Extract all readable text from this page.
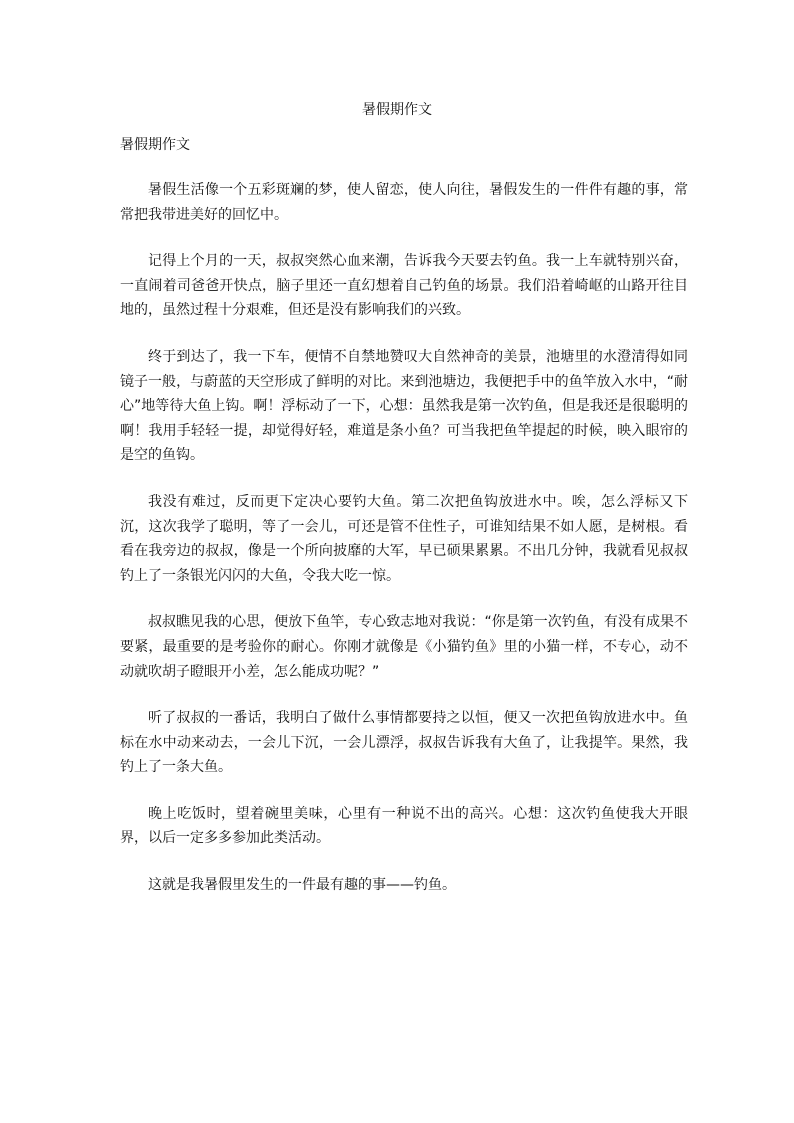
暑假期作文
暑假期作文

暑假生活像一个五彩斑斓的梦，使人留恋，使人向往，暑假发生的一件件有趣的事，常常把我带进美好的回忆中。

记得上个月的一天，叔叔突然心血来潮，告诉我今天要去钓鱼。我一上车就特别兴奋，一直闹着司爸爸开快点，脑子里还一直幻想着自己钓鱼的场景。我们沿着崎岖的山路开往目地的，虽然过程十分艰难，但还是没有影响我们的兴致。

终于到达了，我一下车，便情不自禁地赞叹大自然神奇的美景，池塘里的水澄清得如同镜子一般，与蔚蓝的天空形成了鲜明的对比。来到池塘边，我便把手中的鱼竿放入水中，“耐心”地等待大鱼上钩。啊！浮标动了一下，心想：虽然我是第一次钓鱼，但是我还是很聪明的啊！我用手轻轻一提，却觉得好轻，难道是条小鱼？可当我把鱼竿提起的时候，映入眼帘的是空的鱼钩。

我没有难过，反而更下定决心要钓大鱼。第二次把鱼钩放进水中。唉，怎么浮标又下沉，这次我学了聪明，等了一会儿，可还是管不住性子，可谁知结果不如人愿，是树根。看看在我旁边的叔叔，像是一个所向披靡的大军，早已硕果累累。不出几分钟，我就看见叔叔钓上了一条银光闪闪的大鱼，令我大吃一惊。

叔叔瞧见我的心思，便放下鱼竿，专心致志地对我说：“你是第一次钓鱼，有没有成果不要紧，最重要的是考验你的耐心。你刚才就像是《小猫钓鱼》里的小猫一样，不专心，动不动就吹胡子瞪眼开小差，怎么能成功呢？”

听了叔叔的一番话，我明白了做什么事情都要持之以恒，便又一次把鱼钩放进水中。鱼标在水中动来动去，一会儿下沉，一会儿漂浮，叔叔告诉我有大鱼了，让我提竿。果然，我钓上了一条大鱼。

晚上吃饭时，望着碗里美味，心里有一种说不出的高兴。心想：这次钓鱼使我大开眼界，以后一定多多参加此类活动。

这就是我暑假里发生的一件最有趣的事——钓鱼。
